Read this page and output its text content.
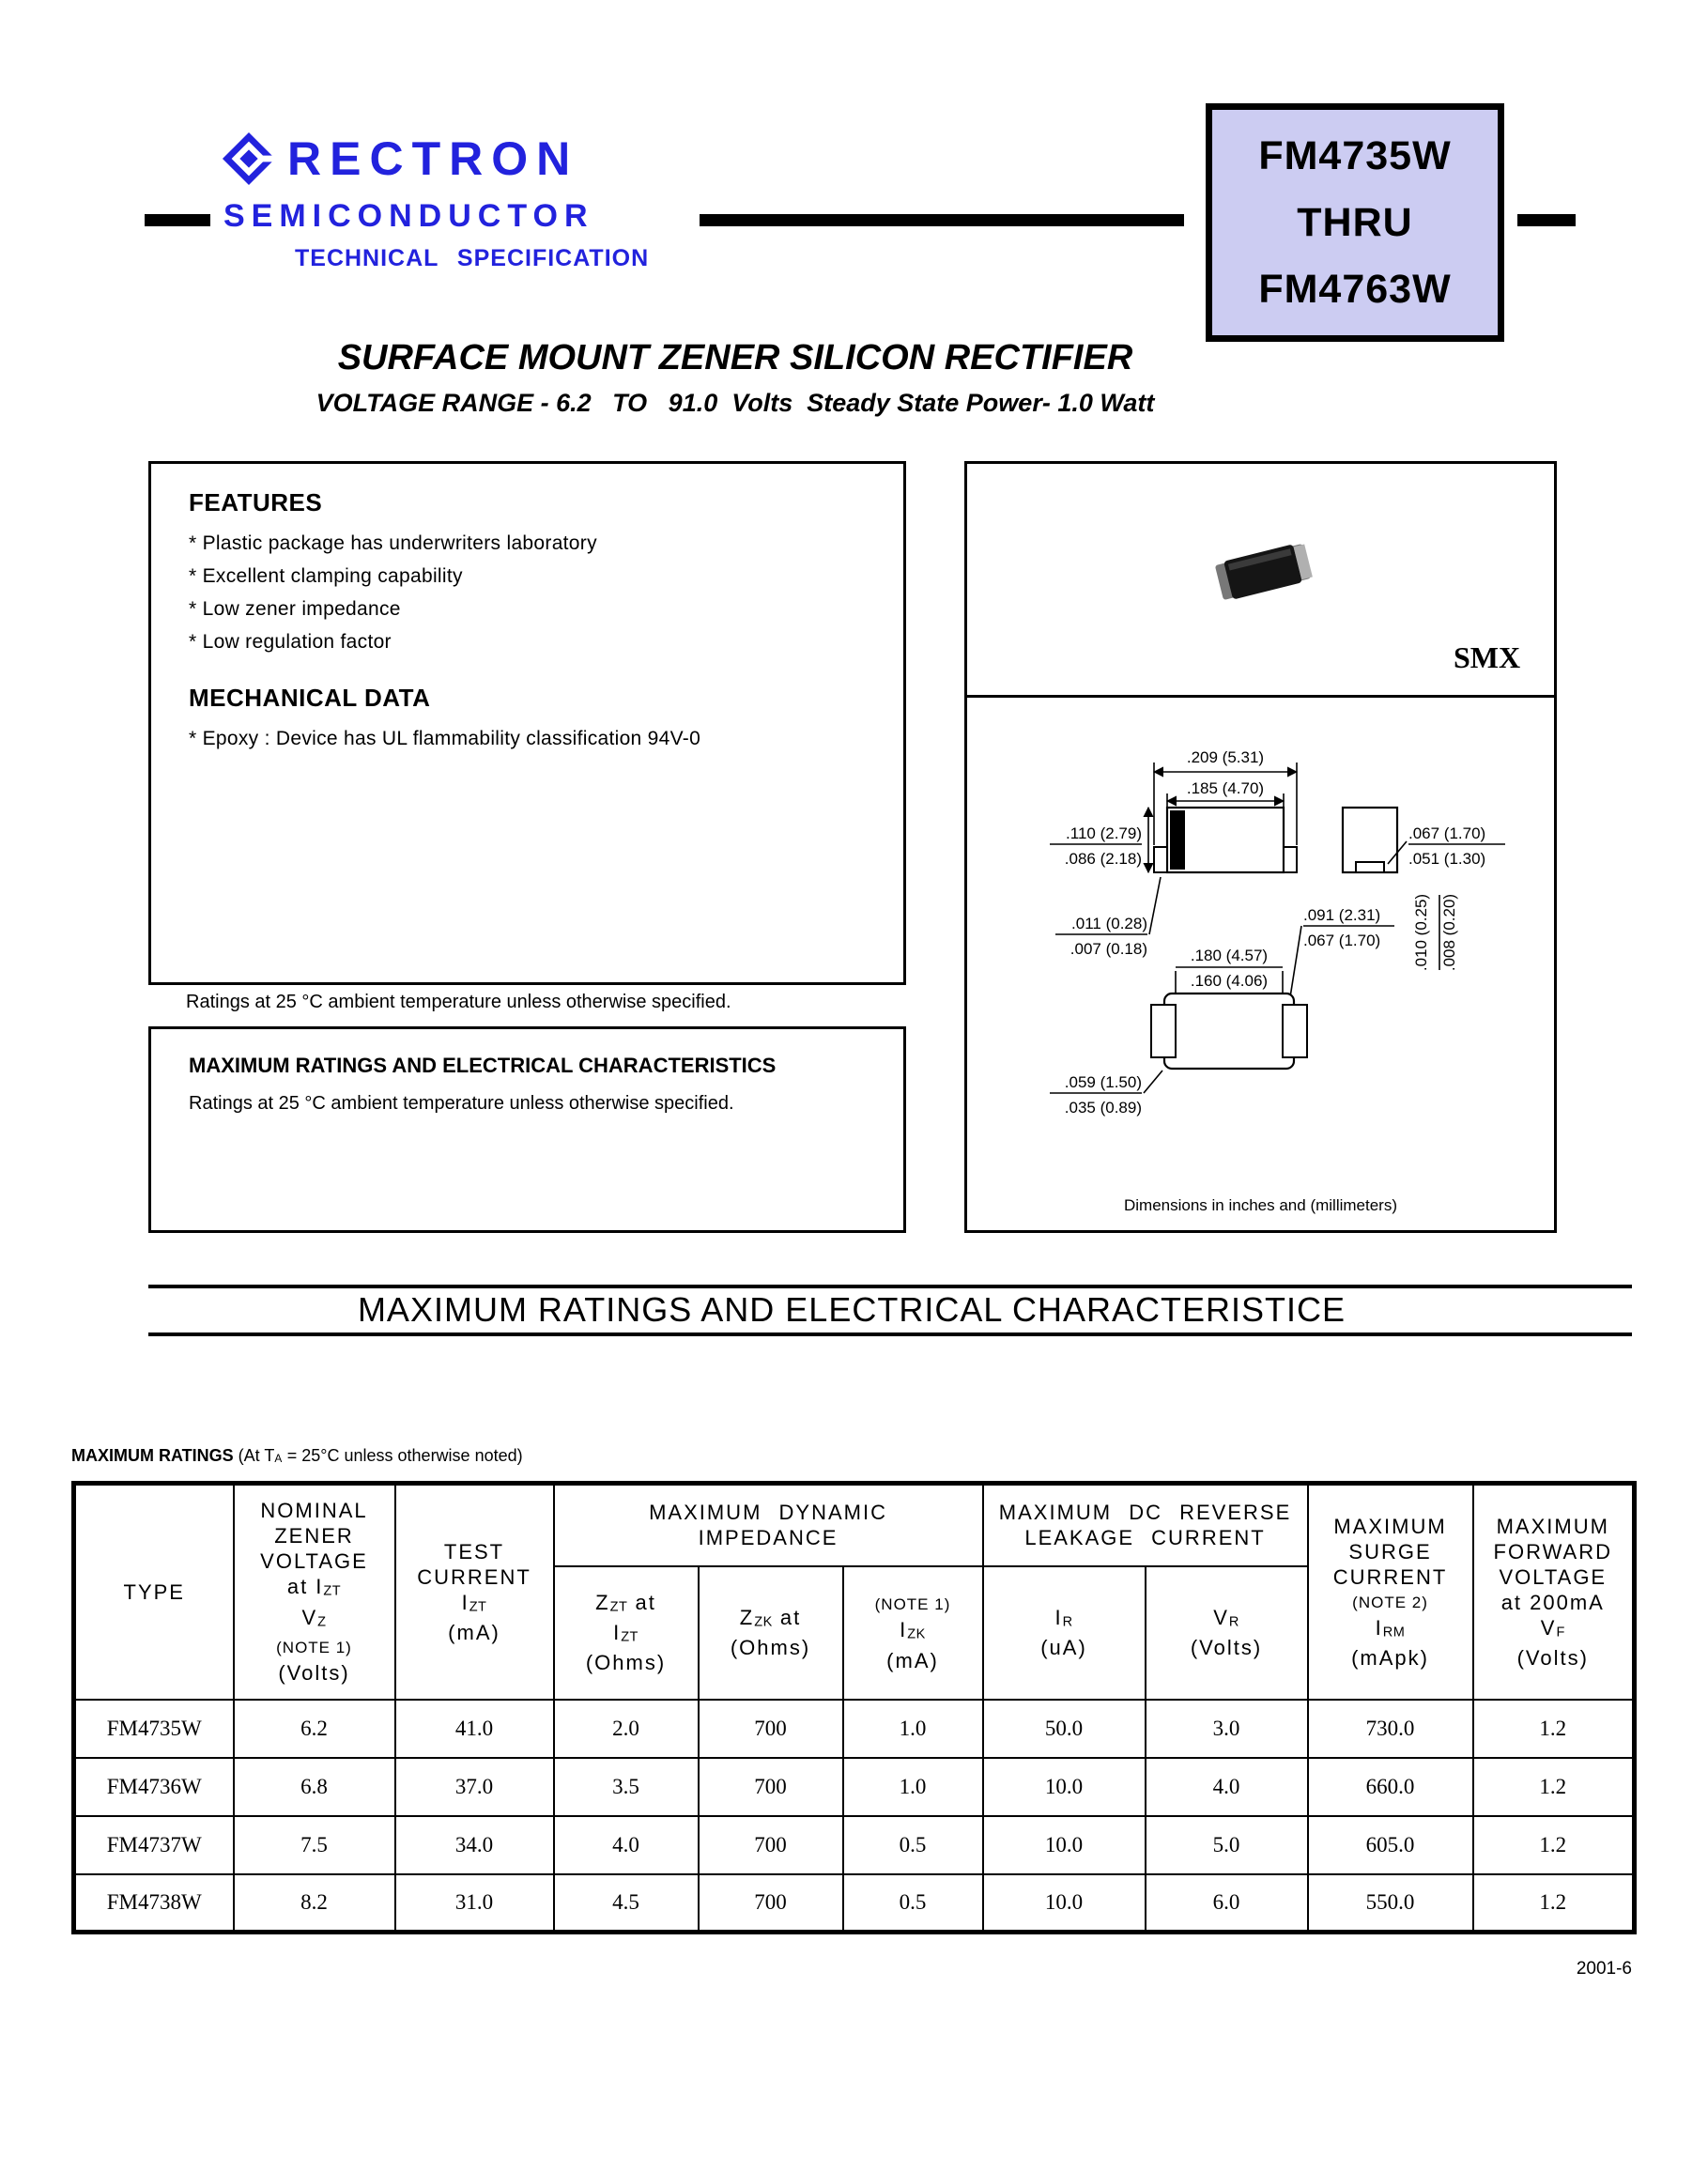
RECTRON
SEMICONDUCTOR
TECHNICAL SPECIFICATION
FM4735W
THRU
FM4763W
SURFACE MOUNT ZENER SILICON RECTIFIER
VOLTAGE RANGE - 6.2   TO   91.0  Volts  Steady State Power- 1.0 Watt
FEATURES
* Plastic package has underwriters laboratory
* Excellent clamping capability
* Low zener impedance
* Low regulation factor
MECHANICAL DATA
* Epoxy : Device has UL flammability classification 94V-0
Ratings at 25 °C ambient temperature unless otherwise specified.
MAXIMUM RATINGS AND ELECTRICAL CHARACTERISTICS
Ratings at 25 °C ambient temperature unless otherwise specified.
SMX
.209 (5.31)
.185 (4.70)
.110 (2.79)
.086 (2.18)
.067 (1.70)
.051 (1.30)
.011 (0.28)
.007 (0.18)
.091 (2.31)
.067 (1.70) .010 (0.25) .008 (0.20)
.180 (4.57)
.160 (4.06)
.059 (1.50)
.035 (0.89)
Dimensions in inches and (millimeters)
MAXIMUM RATINGS AND ELECTRICAL CHARACTERISTICE
MAXIMUM RATINGS (At TA = 25°C unless otherwise noted)
TYPE

NOMINAL
ZENER
VOLTAGE
at IZT
VZ
(NOTE 1)
(Volts)

TEST
CURRENT
IZT
(mA)

MAXIMUM DYNAMIC
IMPEDANCE

MAXIMUM DC REVERSE
LEAKAGE CURRENT

MAXIMUM
SURGE
CURRENT
(NOTE 2)
IRM
(mApk)

MAXIMUM
FORWARD
VOLTAGE
at 200mA
VF
(Volts)

ZZT at
IZT
(Ohms)

ZZK at
(Ohms)

(NOTE 1)
IZK
(mA)

IR
(uA)

VR
(Volts)

FM4735W	6.2	41.0	2.0	700	1.0	50.0	3.0	730.0	1.2
FM4736W	6.8	37.0	3.5	700	1.0	10.0	4.0	660.0	1.2
FM4737W	7.5	34.0	4.0	700	0.5	10.0	5.0	605.0	1.2
FM4738W	8.2	31.0	4.5	700	0.5	10.0	6.0	550.0	1.2
2001-6
